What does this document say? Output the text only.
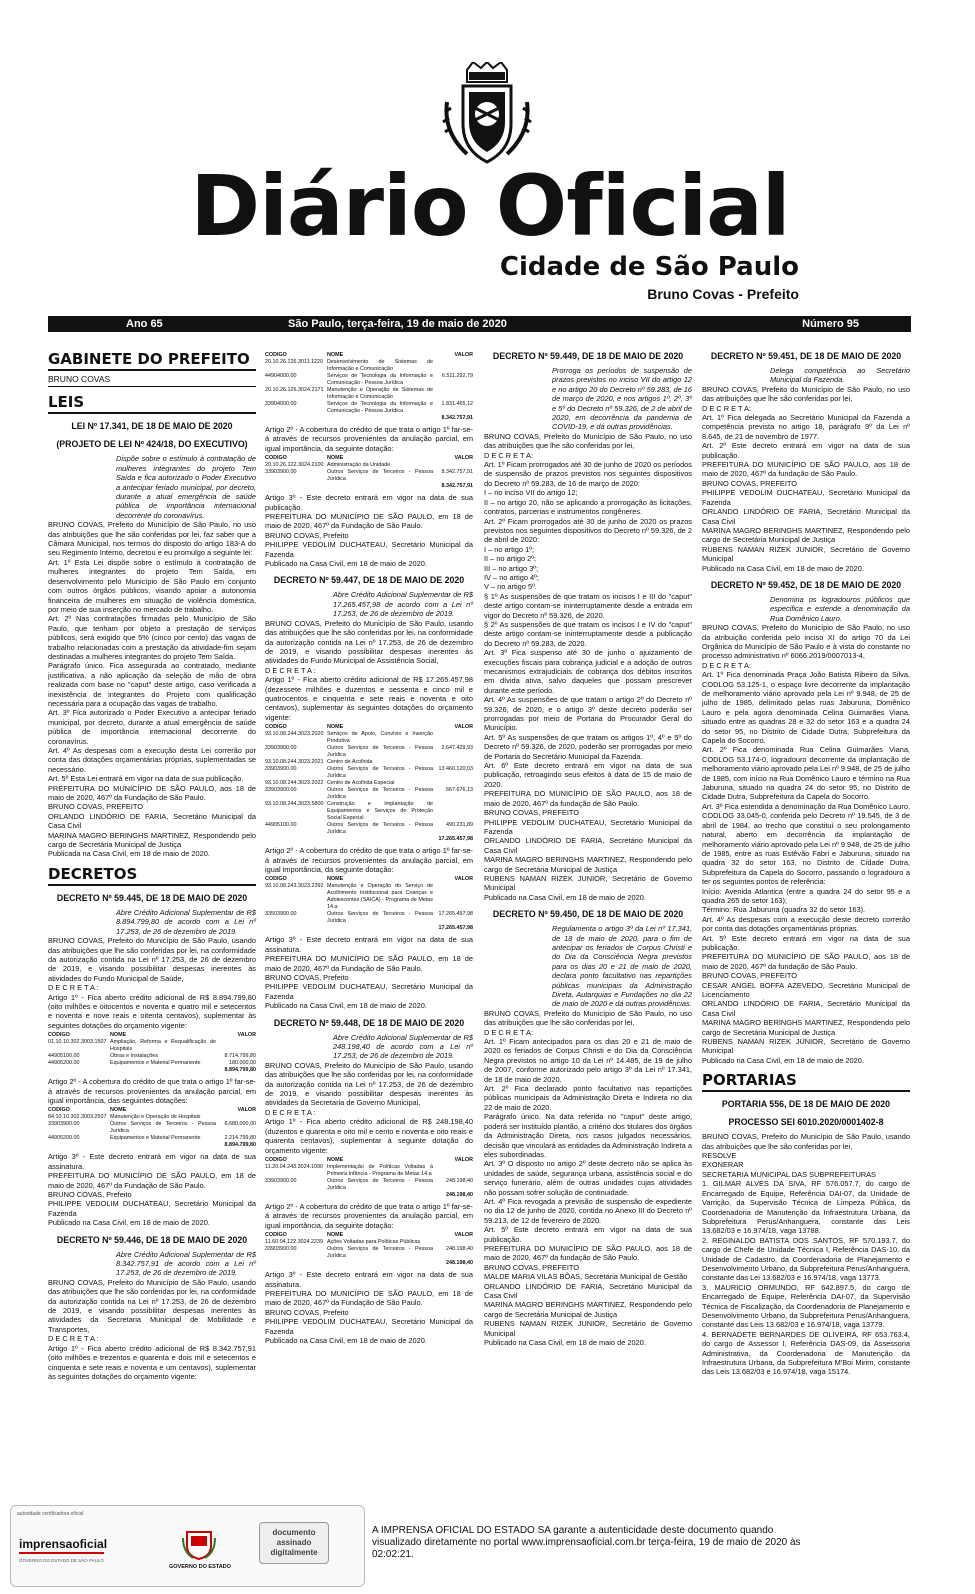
Diário Oficial
Cidade de São Paulo
Bruno Covas - Prefeito
Ano 65	São Paulo, terça-feira, 19 de maio de 2020	Número 95
GABINETE DO PREFEITO
BRUNO COVAS
LEIS
LEI Nº 17.341, DE 18 DE MAIO DE 2020
(PROJETO DE LEI Nº 424/18, DO EXECUTIVO)

Dispõe sobre o estímulo à contratação de mulheres integrantes do projeto Tem Saída e fica autorizado o Poder Executivo a antecipar feriado municipal, por decreto, durante a atual emergência de saúde pública de importância internacional decorrente do coronavírus.

BRUNO COVAS, Prefeito do Município de São Paulo, no uso das atribuições que lhe são conferidas por lei, faz saber que a Câmara Municipal, nos termos do disposto do artigo 183-A do seu Regimento Interno, decretou e eu promulgo a seguinte lei:

Art. 1º Esta Lei dispõe sobre o estímulo à contratação de mulheres integrantes do projeto Tem Saída, em desenvolvimento pelo Município de São Paulo em conjunto com outros órgãos públicos, visando apoiar a autonomia financeira de mulheres em situação de violência doméstica, por meio de sua inserção no mercado de trabalho.

Art. 2º Nas contratações firmadas pelo Município de São Paulo, que tenham por objeto a prestação de serviços públicos, será exigido que 5% (cinco por cento) das vagas de trabalho relacionadas com a prestação da atividade-fim sejam destinadas a mulheres integrantes do projeto Tem Saída.

Parágrafo único. Fica assegurada ao contratado, mediante justificativa, a não aplicação da seleção de mão de obra realizada com base no "caput" deste artigo, caso verificada a inexistência de integrantes do Projeto com qualificação necessária para a ocupação das vagas de trabalho.

Art. 3º Fica autorizado o Poder Executivo a antecipar feriado municipal, por decreto, durante a atual emergência de saúde pública de importância internacional decorrente do coronavírus.

Art. 4º As despesas com a execução desta Lei correrão por conta das dotações orçamentárias próprias, suplementadas se necessário.

Art. 5º Esta Lei entrará em vigor na data de sua publicação.

PREFEITURA DO MUNICÍPIO DE SÃO PAULO, aos 18 de maio de 2020, 467º da Fundação de São Paulo.

BRUNO COVAS, PREFEITO

ORLANDO LINDÓRIO DE FARIA, Secretário Municipal da Casa Civil

MARINA MAGRO BERINGHS MARTINEZ, Respondendo pelo cargo de Secretária Municipal de Justiça

Publicada na Casa Civil, em 18 de maio de 2020.

DECRETOS
DECRETO Nº 59.445, DE 18 DE MAIO DE 2020

Abre Crédito Adicional Suplementar de R$ 8.894.799,80 de acordo com a Lei nº 17.253, de 26 de dezembro de 2019.

BRUNO COVAS, Prefeito do Município de São Paulo, usando das atribuições que lhe são conferidas por lei, na conformidade da autorização contida na Lei nº 17.253, de 26 de dezembro de 2019, e visando possibilitar despesas inerentes às atividades do Fundo Municipal de Saúde,

D E C R E T A :

Artigo 1º - Fica aberto crédito adicional de R$ 8.894.799,80 (oito milhões e oitocentos e noventa e quatro mil e setecentos e noventa e nove reais e oitenta centavos), suplementar às seguintes dotações do orçamento vigente:

CODIGO	NOME	VALOR
01.10.10.302.3003.1507 Ampliação, Reforma e Requalificação de Hospitais
44905100.00	Obras e Instalações	8.714.799,80
44905200.00	Equipamentos e Material Permanente	180.000,00
8.894.799,80

Artigo 2º - A cobertura do crédito de que trata o artigo 1º far-se-á através de recursos provenientes da anulação parcial, em igual importância, das seguintes dotações:

CODIGO	NOME	VALOR
84.10.10.302.3003.2507 Manutenção e Operação de Hospitais
33903900.00	Outros Serviços de Terceiros - Pessoa Jurídica
6.680.000,00
44905200.00	Equipamentos e Material Permanente	2.214.799,80
8.894.799,80

Artigo 3º - Este decreto entrará em vigor na data de sua assinatura.

PREFEITURA DO MUNICÍPIO DE SÃO PAULO, em 18 de maio de 2020, 467º da Fundação de São Paulo.

BRUNO COVAS, Prefeito

PHILIPPE VEDOLIM DUCHATEAU, Secretário Municipal da Fazenda

Publicado na Casa Civil, em 18 de maio de 2020.

DECRETO Nº 59.446, DE 18 DE MAIO DE 2020

Abre Crédito Adicional Suplementar de R$ 8.342.757,91 de acordo com a Lei nº 17.253, de 26 de dezembro de 2019.

BRUNO COVAS, Prefeito do Município de São Paulo, usando das atribuições que lhe são conferidas por lei, na conformidade da autorização contida na Lei nº 17.253, de 26 de dezembro de 2019, e visando possibilitar despesas inerentes às atividades da Secretaria Municipal de Mobilidade e Transportes,

D E C R E T A :

Artigo 1º - Fica aberto crédito adicional de R$ 8.342.757,91 (oito milhões e trezentos e quarenta e dois mil e setecentos e cinquenta e sete reais e noventa e um centavos), suplementar às seguintes dotações do orçamento vigente:

CODIGO	NOME	VALOR
20.10.26.126.3011.1220 Desenvolvimento de Sistemas de Informação e Comunicação
44904000.00	Serviços de Tecnologia da Informação e Comunicação - Pessoa Jurídica
6.511.292,79
20.10.26.126.3024.2171 Manutenção e Operação de Sistemas de Informação e Comunicação
33904000.00	Serviços de Tecnologia da Informação e Comunicação - Pessoa Jurídica
1.831.465,12
8.342.757,91

Artigo 2º - A cobertura do crédito de que trata o artigo 1º far-se-á através de recursos provenientes da anulação parcial, em igual importância, da seguinte dotação:

CODIGO	NOME	VALOR
20.10.26.122.3024.2100 Administração da Unidade
33903900.00	Outros Serviços de Terceiros - Pessoa Jurídica
8.342.757,91
8.342.757,91

Artigo 3º - Este decreto entrará em vigor na data de sua publicação.

PREFEITURA DO MUNICÍPIO DE SÃO PAULO, em 18 de maio de 2020, 467º da Fundação de São Paulo.

BRUNO COVAS, Prefeito

PHILIPPE VEDOLIM DUCHATEAU, Secretário Municipal da Fazenda

Publicado na Casa Civil, em 18 de maio de 2020.

DECRETO Nº 59.447, DE 18 DE MAIO DE 2020

Abre Crédito Adicional Suplementar de R$ 17.265.457,98 de acordo com a Lei nº 17.253, de 26 de dezembro de 2019.

BRUNO COVAS, Prefeito do Município de São Paulo, usando das atribuições que lhe são conferidas por lei, na conformidade da autorização contida na Lei nº 17.253, de 26 de dezembro de 2019, e visando possibilitar despesas inerentes às atividades do Fundo Municipal de Assistência Social,

D E C R E T A :

Artigo 1º - Fica aberto crédito adicional de R$ 17.265.457,98 (dezessete milhões e duzentos e sessenta e cinco mil e quatrocentos e cinquenta e sete reais e noventa e oito centavos), suplementar às seguintes dotações do orçamento vigente:

CODIGO	NOME	VALOR
93.10.08.244.3023.2020 Serviços de Apoio, Convívio e Inserção Produtiva
33903900.00	Outros Serviços de Terceiros - Pessoa Jurídica
2.647.429,93
93.10.08.244.3023.2021 Centro de Acolhida
33903900.00	Outros Serviços de Terceiros - Pessoa Jurídica
13.460.120,03
93.10.08.244.3023.2022 Centro de Acolhida Especial
33903900.00	Outros Serviços de Terceiros - Pessoa Jurídica
667.676,13
93.10.08.244.3023.5800 Construção e Implantação de Equipamentos e Serviços de Proteção Social Especial
44905100.00	Outros Serviços de Terceiros - Pessoa Jurídica
490.231,89
17.265.457,98

Artigo 2º - A cobertura do crédito de que trata o artigo 1º far-se-á através de recursos provenientes da anulação parcial, em igual importância, da seguinte dotação:

CODIGO	NOME	VALOR
93.10.08.243.3023.2392 Manutenção e Operação do Serviço de Acolhimento Institucional para Crianças e Adolescentes (SAICA) - Programa de Metas 14.a
33503900.00	Outros Serviços de Terceiros - Pessoa Jurídica
17.265.457,98
17.265.457,98

Artigo 3º - Este decreto entrará em vigor na data de sua assinatura.

PREFEITURA DO MUNICÍPIO DE SÃO PAULO, em 18 de maio de 2020, 467º da Fundação de São Paulo.

BRUNO COVAS, Prefeito

PHILIPPE VEDOLIM DUCHATEAU, Secretário Municipal da Fazenda

Publicado na Casa Civil, em 18 de maio de 2020.

DECRETO Nº 59.448, DE 18 DE MAIO DE 2020

Abre Crédito Adicional Suplementar de R$ 248.198,40 de acordo com a Lei nº 17.253, de 26 de dezembro de 2019.

BRUNO COVAS, Prefeito do Município de São Paulo, usando das atribuições que lhe são conferidas por lei, na conformidade da autorização contida na Lei nº 17.253, de 26 de dezembro de 2019, e visando possibilitar despesas inerentes às atividades da Secretaria de Governo Municipal,

D E C R E T A :

Artigo 1º - Fica aberto crédito adicional de R$ 248.198,40 (duzentos e quarenta e oito mil e cento e noventa e oito reais e quarenta centavos), suplementar à seguinte dotação do orçamento vigente:

CODIGO	NOME	VALOR
11.20.04.243.3024.1090 Implementação de Políticas Voltadas à Primeira Infância - Programa de Metas 14.a
33903900.00	Outros Serviços de Terceiros - Pessoa Jurídica
248.198,40
248.198,40

Artigo 2º - A cobertura do crédito de que trata o artigo 1º far-se-á através de recursos provenientes da anulação parcial, em igual importância, da seguinte dotação:

CODIGO	NOME	VALOR
11.60.04.122.3024.2239 Ações Voltadas para Políticas Públicas
33903900.00	Outros Serviços de Terceiros - Pessoa Jurídica
248.198,40
248.198,40

Artigo 3º - Este decreto entrará em vigor na data de sua assinatura.

PREFEITURA DO MUNICÍPIO DE SÃO PAULO, em 18 de maio de 2020, 467º da Fundação de São Paulo.

BRUNO COVAS, Prefeito

PHILIPPE VEDOLIM DUCHATEAU, Secretário Municipal da Fazenda

Publicado na Casa Civil, em 18 de maio de 2020.

DECRETO Nº 59.449, DE 18 DE MAIO DE 2020

Prorroga os períodos de suspensão de prazos previstos no inciso VII do artigo 12 e no artigo 20 do Decreto nº 59.283, de 16 de março de 2020, e nos artigos 1º, 2º, 3º e 5º do Decreto nº 59.326, de 2 de abril de 2020, em decorrência da pandemia de COVID-19, e dá outras providências.

BRUNO COVAS, Prefeito do Município de São Paulo, no uso das atribuições que lhe são conferidas por lei,

D E C R E T A:

Art. 1º Ficam prorrogados até 30 de junho de 2020 os períodos de suspensão de prazos previstos nos seguintes dispositivos do Decreto nº 59.283, de 16 de março de 2020:

I – no inciso VII do artigo 12;

II – no artigo 20, não se aplicando a prorrogação às licitações, contratos, parcerias e instrumentos congêneres.

Art. 2º Ficam prorrogados até 30 de junho de 2020 os prazos previstos nos seguintes dispositivos do Decreto nº 59.326, de 2 de abril de 2020:

I – no artigo 1º;

II – no artigo 2º;

III – no artigo 3º;

IV – no artigo 4º;

V – no artigo 5º.

§ 1º As suspensões de que tratam os incisos I e III do "caput" deste artigo contam-se ininterruptamente desde a entrada em vigor do Decreto nº 59.326, de 2020.

§ 2º As suspensões de que tratam os incisos I e IV do "caput" deste artigo contam-se ininterruptamente desde a publicação do Decreto nº 59.283, de 2020.

Art. 3º Fica suspenso até 30 de junho o ajuizamento de execuções fiscais para cobrança judicial e a adoção de outros mecanismos extrajudiciais de cobrança dos débitos inscritos em dívida ativa, salvo daqueles que possam prescrever durante este período.

Art. 4º As suspensões de que tratam o artigo 2º do Decreto nº 59.326, de 2020, e o artigo 3º deste decreto poderão ser prorrogadas por meio de Portaria do Procurador Geral do Município.

Art. 5º As suspensões de que tratam os artigos 1º, 4º e 5º do Decreto nº 59.326, de 2020, poderão ser prorrogadas por meio de Portaria do Secretário Municipal da Fazenda.

Art. 6º Este decreto entrará em vigor na data de sua publicação, retroagindo seus efeitos à data de 15 de maio de 2020.

PREFEITURA DO MUNICÍPIO DE SÃO PAULO, aos 18 de maio de 2020, 467º da fundação de São Paulo.

BRUNO COVAS, PREFEITO

PHILIPPE VEDOLIM DUCHATEAU, Secretário Municipal da Fazenda

ORLANDO LINDÓRIO DE FARIA, Secretário Municipal da Casa Civil

MARINA MAGRO BERINGHS MARTINEZ, Respondendo pelo cargo de Secretária Municipal de Justiça

RUBENS NAMAN RIZEK JUNIOR, Secretário de Governo Municipal

Publicado na Casa Civil, em 18 de maio de 2020.

DECRETO Nº 59.450, DE 18 DE MAIO DE 2020

Regulamenta o artigo 3º da Lei nº 17.341, de 18 de maio de 2020, para o fim de antecipar os feriados de Corpus Christi e do Dia da Consciência Negra previstos para os dias 20 e 21 de maio de 2020, declara ponto facultativo nas repartições públicas municipais da Administração Direta, Autarquias e Fundações no dia 22 de maio de 2020 e dá outras providências.

BRUNO COVAS, Prefeito do Município de São Paulo, no uso das atribuições que lhe são conferidas por lei,

D E C R E T A:

Art. 1º Ficam antecipados para os dias 20 e 21 de maio de 2020 os feriados de Corpus Christi e do Dia da Consciência Negra previstos no artigo 10 da Lei nº 14.485, de 19 de julho de 2007, conforme autorizado pelo artigo 3º da Lei nº 17.341, de 18 de maio de 2020.

Art. 2º Fica declarado ponto facultativo nas repartições públicas municipais da Administração Direta e Indireta no dia 22 de maio de 2020.

Parágrafo único. Na data referida no "caput" deste artigo, poderá ser instituído plantão, a critério dos titulares dos órgãos da Administração Direta, nos casos julgados necessários, decisão que vinculará as entidades da Administração Indireta a eles subordinadas.

Art. 3º O disposto no artigo 2º deste decreto não se aplica às unidades de saúde, segurança urbana, assistência social e do serviço funerário, além de outras unidades cujas atividades não possam sofrer solução de continuidade.

Art. 4º Fica revogada a previsão de suspensão de expediente no dia 12 de junho de 2020, contida no Anexo III do Decreto nº 59.213, de 12 de fevereiro de 2020.

Art. 5º Este decreto entrará em vigor na data de sua publicação.

PREFEITURA DO MUNICÍPIO DE SÃO PAULO, aos 18 de maio de 2020, 467º da fundação de São Paulo.

BRUNO COVAS, PREFEITO

MALDE MARIA VILAS BÔAS, Secretária Municipal de Gestão

ORLANDO LINDÓRIO DE FARIA, Secretário Municipal da Casa Civil

MARINA MAGRO BERINGHS MARTINEZ, Respondendo pelo cargo de Secretária Municipal de Justiça

RUBENS NAMAN RIZEK JUNIOR, Secretário de Governo Municipal

Publicado na Casa Civil, em 18 de maio de 2020.

DECRETO Nº 59.451, DE 18 DE MAIO DE 2020

Delega competência ao Secretário Municipal da Fazenda.

BRUNO COVAS, Prefeito do Município de São Paulo, no uso das atribuições que lhe são conferidas por lei,

D E C R E T A:

Art. 1º Fica delegada ao Secretário Municipal da Fazenda a competência prevista no artigo 18, parágrafo 9º da Lei nº 8.645, de 21 de novembro de 1977.

Art. 2º Este decreto entrará em vigor na data de sua publicação.

PREFEITURA DO MUNICÍPIO DE SÃO PAULO, aos 18 de maio de 2020, 467º da fundação de São Paulo.

BRUNO COVAS, PREFEITO

PHILIPPE VEDOLIM DUCHATEAU, Secretário Municipal da Fazenda

ORLANDO LINDÓRIO DE FARIA, Secretário Municipal da Casa Civil

MARINA MAGRO BERINGHS MARTINEZ, Respondendo pelo cargo de Secretária Municipal de Justiça

RUBENS NAMAN RIZEK JUNIOR, Secretário de Governo Municipal

Publicado na Casa Civil, em 18 de maio de 2020.

DECRETO Nº 59.452, DE 18 DE MAIO DE 2020

Denomina os logradouros públicos que especifica e estende a denominação da Rua Domênico Lauro.

BRUNO COVAS, Prefeito do Município de São Paulo, no uso da atribuição conferida pelo inciso XI do artigo 70 da Lei Orgânica do Município de São Paulo e à vista do constante no processo administrativo nº 6066.2019/0007013-4,

D E C R E T A:

Art. 1º Fica denominada Praça João Batista Ribeiro da Silva, CODLOG 53.125-1, o espaço livre decorrente da implantação de melhoramento viário aprovado pela Lei nº 9.948, de 25 de julho de 1985, delimitado pelas ruas Jaburuna, Domênico Lauro e pela agora denominada Celina Guimarães Viana, situado entre as quadras 28 e 32 do setor 163 e a quadra 24 do setor 95, no Distrito de Cidade Dutra, Subprefeitura da Capela do Socorro.

Art. 2º Fica denominada Rua Celina Guimarães Viana, CODLOG 53.174-0, logradouro decorrente da implantação de melhoramento viário aprovado pela Lei nº 9.948, de 25 de julho de 1985, com início na Rua Domênico Lauro e término na Rua Jaburuna, situado na quadra 24 do setor 95, no Distrito de Cidade Dutra, Subprefeitura da Capela do Socorro.

Art. 3º Fica estendida a denominação da Rua Domênico Lauro, CODLOG 33.045-0, conferida pelo Decreto nº 19.545, de 3 de abril de 1984, ao trecho que constituí o seu prolongamento natural, aberto em decorrência da implantação de melhoramento viário aprovado pela Lei nº 9.948, de 25 de julho de 1985, entre as ruas Estêvão Fabri e Jaburuna, situado na quadra 32 do setor 163, no Distrito de Cidade Dutra, Subprefeitura da Capela do Socorro, passando o logradouro a ter os seguintes pontos de referência:

Início: Avenida Atlantica (entre a quadra 24 do setor 95 e a quadra 265 do setor 163);

Término: Rua Jaburuna (quadra 32 do setor 163).

Art. 4º As despesas com a execução deste decreto correrão por conta das dotações orçamentárias próprias.

Art. 5º Este decreto entrará em vigor na data de sua publicação.

PREFEITURA DO MUNICÍPIO DE SÃO PAULO, aos 18 de maio de 2020, 467º da fundação de São Paulo.

BRUNO COVAS, PREFEITO

CESAR ANGEL BOFFA AZEVEDO, Secretário Municipal de Licenciamento

ORLANDO LINDÓRIO DE FARIA, Secretário Municipal da Casa Civil

MARINA MAGRO BERINGHS MARTINEZ, Respondendo pelo cargo de Secretária Municipal de Justiça

RUBENS NAMAN RIZEK JUNIOR, Secretário de Governo Municipal

Publicado na Casa Civil, em 18 de maio de 2020.

PORTARIAS
PORTARIA 556, DE 18 DE MAIO DE 2020
PROCESSO SEI 6010.2020/0001402-8

BRUNO COVAS, Prefeito do Município de São Paulo, usando das atribuições que lhe são conferidas por lei,

RESOLVE

EXONERAR

SECRETARIA MUNICIPAL DAS SUBPREFEITURAS

1. GILMAR ALVES DA SIVA, RF 576.057.7, do cargo de Encarregado de Equipe, Referência DAI-07, da Unidade de Varrição, da Supervisão Técnica de Limpeza Pública, da Coordenadoria de Manutenção da Infraestrutura Urbana, da Subprefeitura Perus/Anhanguera, constante das Leis 13.682/03 e 16.974/18, vaga 13788.

2. REGINALDO BATISTA DOS SANTOS, RF 570.193.7, do cargo de Chefe de Unidade Técnica I, Referência DAS-10, da Unidade de Cadastro, da Coordenadoria de Planejamento e Desenvolvimento Urbano, da Subprefeitura Perus/Anhanguera, constante das Lei 13.682/03 e 16.974/18, vaga 13773.

3. MAURICIO ORMUNDO, RF 642.897.5, do cargo de Encarregado de Equipe, Referência DAI-07, da Supervisão Técnica de Fiscalização, da Coordenadoria de Planejamento e Desenvolvimento Urbano, da Subprefeitura Perus/Anhanguera, constante das Leis 13.682/03 e 16.974/18, vaga 13779.

4. BERNADETE BERNARDES DE OLIVEIRA, RF 653.763.4, do cargo de Assessor I, Referência DAS-09, da Assessoria Administrativa, da Coordenadoria de Manutenção da Infraestrutura Urbana, da Subprefeitura M'Boi Mirim, constante das Leis 13.682/03 e 16.974/18, vaga 15174.

autoridade certificadora oficial
imprensaoficial
GOVERNO DO ESTADO DE SÃO PAULO
GOVERNO DO ESTADO
documento assinado digitalmente
A IMPRENSA OFICIAL DO ESTADO SA garante a autenticidade deste documento quando visualizado diretamente no portal www.imprensaoficial.com.br terça-feira, 19 de maio de 2020 às 02:02:21.
